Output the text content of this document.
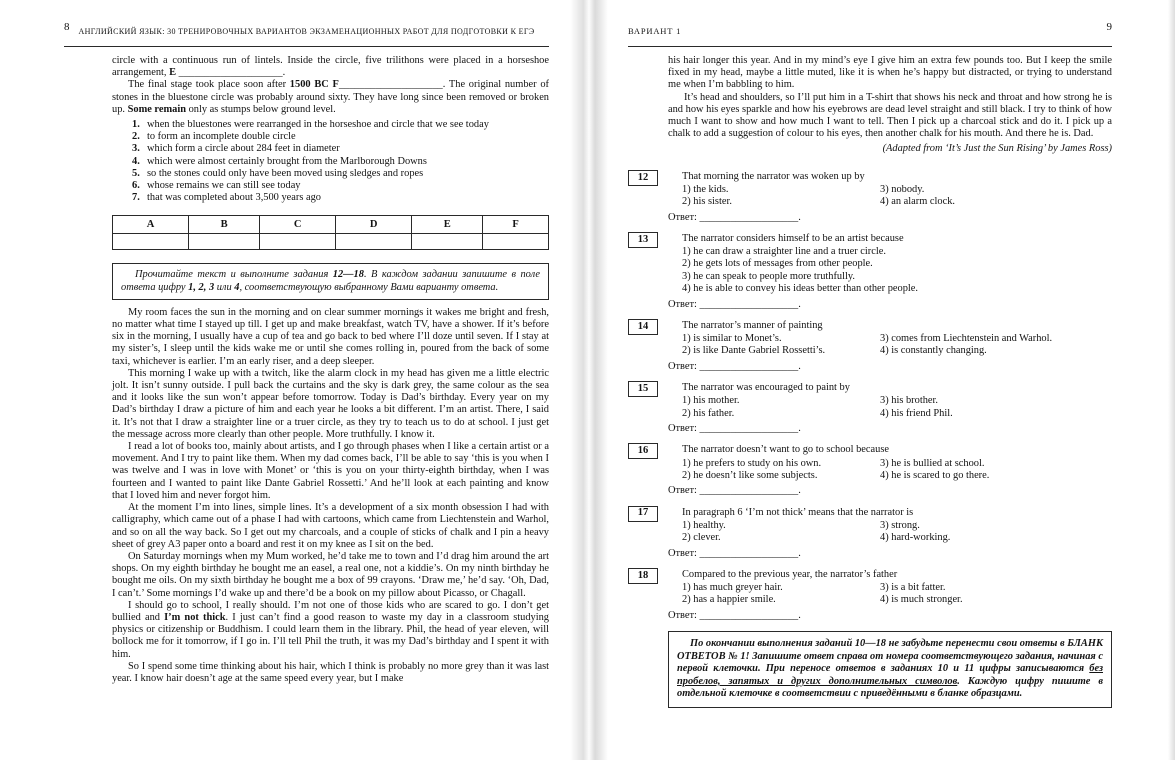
8 АНГЛИЙСКИЙ ЯЗЫК: 30 ТРЕНИРОВОЧНЫХ ВАРИАНТОВ ЭКЗАМЕНАЦИОННЫХ РАБОТ ДЛЯ ПОДГОТОВКИ К ЕГЭ

circle with a continuous run of lintels. Inside the circle, five trilithons were placed in a horseshoe arrangement, E ____________________.

The final stage took place soon after 1500 BC F____________________. The original number of stones in the bluestone circle was probably around sixty. They have long since been removed or broken up. Some remain only as stumps below ground level.

1. when the bluestones were rearranged in the horseshoe and circle that we see today
2. to form an incomplete double circle
3. which form a circle about 284 feet in diameter
4. which were almost certainly brought from the Marlborough Downs
5. so the stones could only have been moved using sledges and ropes
6. whose remains we can still see today
7. that was completed about 3,500 years ago
A	B	C	D	E	F

Прочитайте текст и выполните задания 12—18. В каждом задании запишите в поле ответа цифру 1, 2, 3 или 4, соответствующую выбранному Вами варианту ответа.

My room faces the sun in the morning and on clear summer mornings it wakes me bright and fresh, no matter what time I stayed up till. I get up and make breakfast, watch TV, have a shower. If it’s before six in the morning, I usually have a cup of tea and go back to bed where I’ll doze until seven. If I stay at my sister’s, I sleep until the kids wake me or until she comes rolling in, poured from the back of some taxi, whichever is earlier. I’m an early riser, and a deep sleeper.

This morning I wake up with a twitch, like the alarm clock in my head has given me a little electric jolt. It isn’t sunny outside. I pull back the curtains and the sky is dark grey, the same colour as the sea and it looks like the sun won’t appear before tomorrow. Today is Dad’s birthday. Every year on my Dad’s birthday I draw a picture of him and each year he looks a bit different. I’m an artist. There, I said it. It’s not that I draw a straighter line or a truer circle, as they try to teach us to do at school. I just get the message across more clearly than other people. More truthfully. I know it.

I read a lot of books too, mainly about artists, and I go through phases when I like a certain artist or a movement. And I try to paint like them. When my dad comes back, I’ll be able to say ‘this is you when I was twelve and I was in love with Monet’ or ‘this is you on your thirty-eighth birthday, when I was fourteen and I wanted to paint like Dante Gabriel Rossetti.’ And he’ll look at each painting and know that I loved him and never forgot him.

At the moment I’m into lines, simple lines. It’s a development of a six month obsession I had with calligraphy, which came out of a phase I had with cartoons, which came from Liechtenstein and Warhol, and so on all the way back. So I get out my charcoals, and a couple of sticks of chalk and I pin a heavy sheet of grey A3 paper onto a board and rest it on my knee as I sit on the bed.

On Saturday mornings when my Mum worked, he’d take me to town and I’d drag him around the art shops. On my eighth birthday he bought me an easel, a real one, not a kiddie’s. On my ninth birthday he bought me oils. On my sixth birthday he bought me a box of 99 crayons. ‘Draw me,’ he’d say. ‘Oh, Dad, I can’t.’ Some mornings I’d wake up and there’d be a book on my pillow about Picasso, or Chagall.

I should go to school, I really should. I’m not one of those kids who are scared to go. I don’t get bullied and I’m not thick. I just can’t find a good reason to waste my day in a classroom studying physics or citizenship or Buddhism. I could learn them in the library. Phil, the head of year eleven, will bollock me for it tomorrow, if I go in. I’ll tell Phil the truth, it was my Dad’s birthday and I spent it with him.

So I spend some time thinking about his hair, which I think is probably no more grey than it was last year. I know hair doesn’t age at the same speed every year, but I make

ВАРИАНТ 1	9

his hair longer this year. And in my mind’s eye I give him an extra few pounds too. But I keep the smile fixed in my head, maybe a little muted, like it is when he’s happy but distracted, or trying to understand me when I’m babbling to him.

It’s head and shoulders, so I’ll put him in a T-shirt that shows his neck and throat and how strong he is and how his eyes sparkle and how his eyebrows are dead level straight and still black. I try to think of how much I want to show and how much I want to tell. Then I pick up a charcoal stick and do it. I pick up a chalk to add a suggestion of colour to his eyes, then another chalk for his mouth. And there he is. Dad.

(Adapted from ‘It’s Just the Sun Rising’ by James Ross)
12	That morning the narrator was woken up by
1) the kids.	3) nobody.
2) his sister.	4) an alarm clock.
Ответ: ___________________.
13	The narrator considers himself to be an artist because
1) he can draw a straighter line and a truer circle.
2) he gets lots of messages from other people.
3) he can speak to people more truthfully.
4) he is able to convey his ideas better than other people.
Ответ: ___________________.
14	The narrator’s manner of painting
1) is similar to Monet’s.	3) comes from Liechtenstein and Warhol.
2) is like Dante Gabriel Rossetti’s.	4) is constantly changing.
Ответ: ___________________.
15	The narrator was encouraged to paint by
1) his mother.	3) his brother.
2) his father.	4) his friend Phil.
Ответ: ___________________.
16	The narrator doesn’t want to go to school because
1) he prefers to study on his own.	3) he is bullied at school.
2) he doesn’t like some subjects.	4) he is scared to go there.
Ответ: ___________________.
17	In paragraph 6 ‘I’m not thick’ means that the narrator is
1) healthy.	3) strong.
2) clever.	4) hard-working.
Ответ: ___________________.
18	Compared to the previous year, the narrator’s father
1) has much greyer hair.	3) is a bit fatter.
2) has a happier smile.	4) is much stronger.
Ответ: ___________________.
По окончании выполнения заданий 10—18 не забудьте перенести свои ответы в БЛАНК ОТВЕТОВ № 1! Запишите ответ справа от номера соответствующего задания, начиная с первой клеточки. При переносе ответов в заданиях 10 и 11 цифры записываются без пробелов, запятых и других дополнительных символов. Каждую цифру пишите в отдельной клеточке в соответствии с приведёнными в бланке образцами.
